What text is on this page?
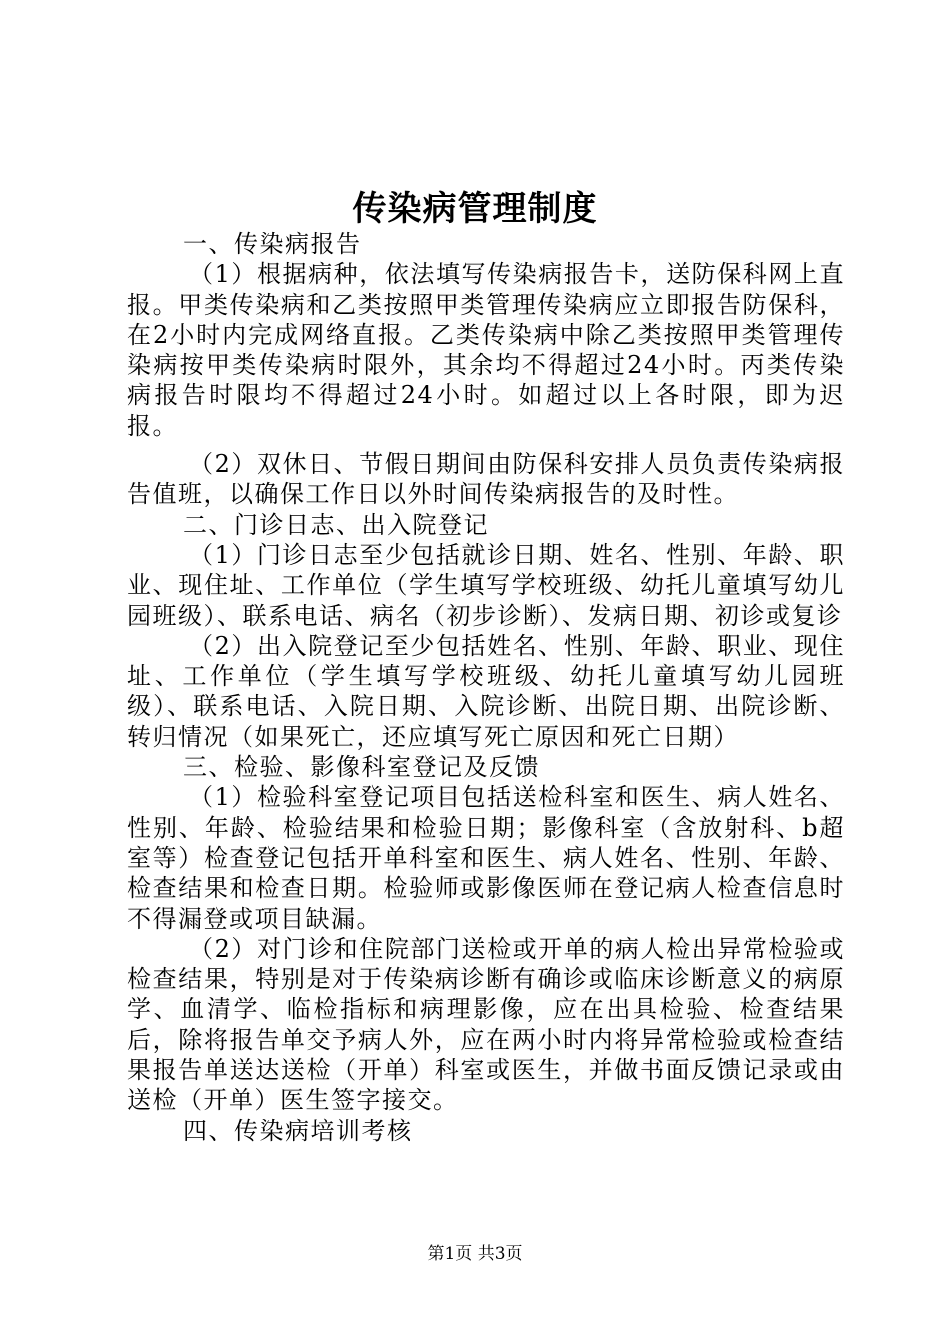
传染病管理制度

一、传染病报告

（1）根据病种，依法填写传染病报告卡，送防保科网上直报。甲类传染病和乙类按照甲类管理传染病应立即报告防保科，在2小时内完成网络直报。乙类传染病中除乙类按照甲类管理传染病按甲类传染病时限外，其余均不得超过24小时。丙类传染病报告时限均不得超过24小时。如超过以上各时限，即为迟报。

（2）双休日、节假日期间由防保科安排人员负责传染病报告值班，以确保工作日以外时间传染病报告的及时性。

二、门诊日志、出入院登记

（1）门诊日志至少包括就诊日期、姓名、性别、年龄、职业、现住址、工作单位（学生填写学校班级、幼托儿童填写幼儿园班级）、联系电话、病名（初步诊断）、发病日期、初诊或复诊

（2）出入院登记至少包括姓名、性别、年龄、职业、现住址、工作单位（学生填写学校班级、幼托儿童填写幼儿园班级）、联系电话、入院日期、入院诊断、出院日期、出院诊断、转归情况（如果死亡，还应填写死亡原因和死亡日期）

三、检验、影像科室登记及反馈

（1）检验科室登记项目包括送检科室和医生、病人姓名、性别、年龄、检验结果和检验日期；影像科室（含放射科、b超室等）检查登记包括开单科室和医生、病人姓名、性别、年龄、检查结果和检查日期。检验师或影像医师在登记病人检查信息时不得漏登或项目缺漏。

（2）对门诊和住院部门送检或开单的病人检出异常检验或检查结果，特别是对于传染病诊断有确诊或临床诊断意义的病原学、血清学、临检指标和病理影像，应在出具检验、检查结果后，除将报告单交予病人外，应在两小时内将异常检验或检查结果报告单送达送检（开单）科室或医生，并做书面反馈记录或由送检（开单）医生签字接交。

四、传染病培训考核

第1页 共3页
